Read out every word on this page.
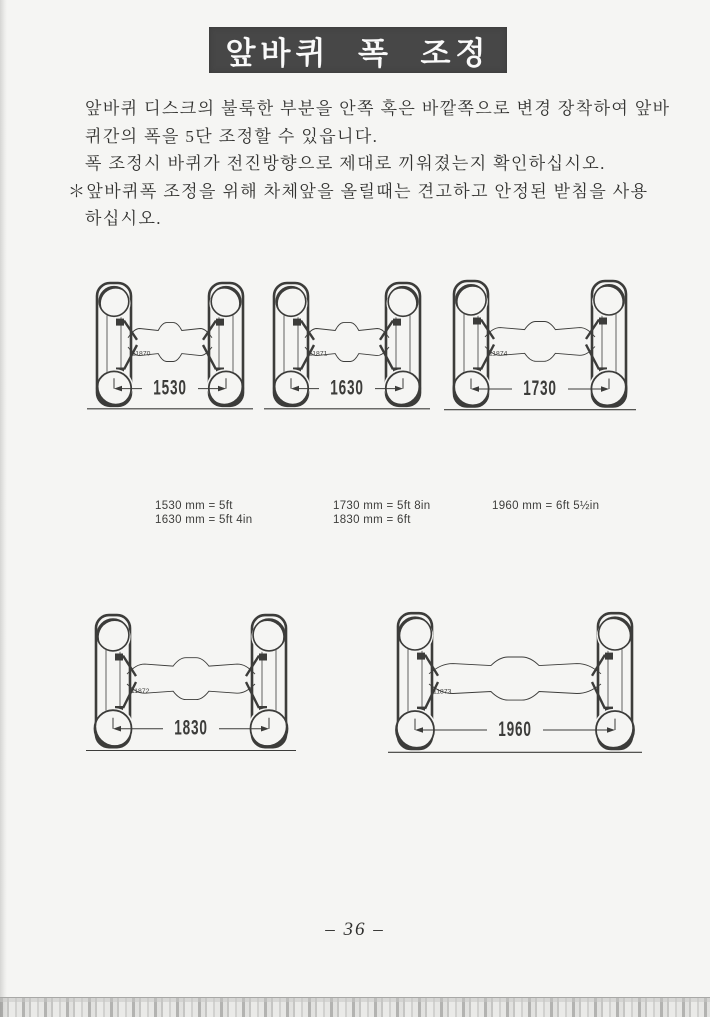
앞바퀴 폭 조정
앞바퀴 디스크의 불룩한 부분을 안쪽 혹은 바깥쪽으로 변경 장착하여 앞바
퀴간의 폭을 5단 조정할 수 있읍니다.
폭 조정시 바퀴가 전진방향으로 제대로 끼워졌는지 확인하십시오.
＊앞바퀴폭 조정을 위해 차체앞을 올릴때는 견고하고 안정된 받침을 사용
하십시오.
11870
1530
11871
1630
11874
1730
11872
1830
11873
1960
1530 mm = 5ft
1630 mm = 5ft 4in
1730 mm = 5ft 8in
1830 mm = 6ft
1960 mm = 6ft 5½in
– 36 –
